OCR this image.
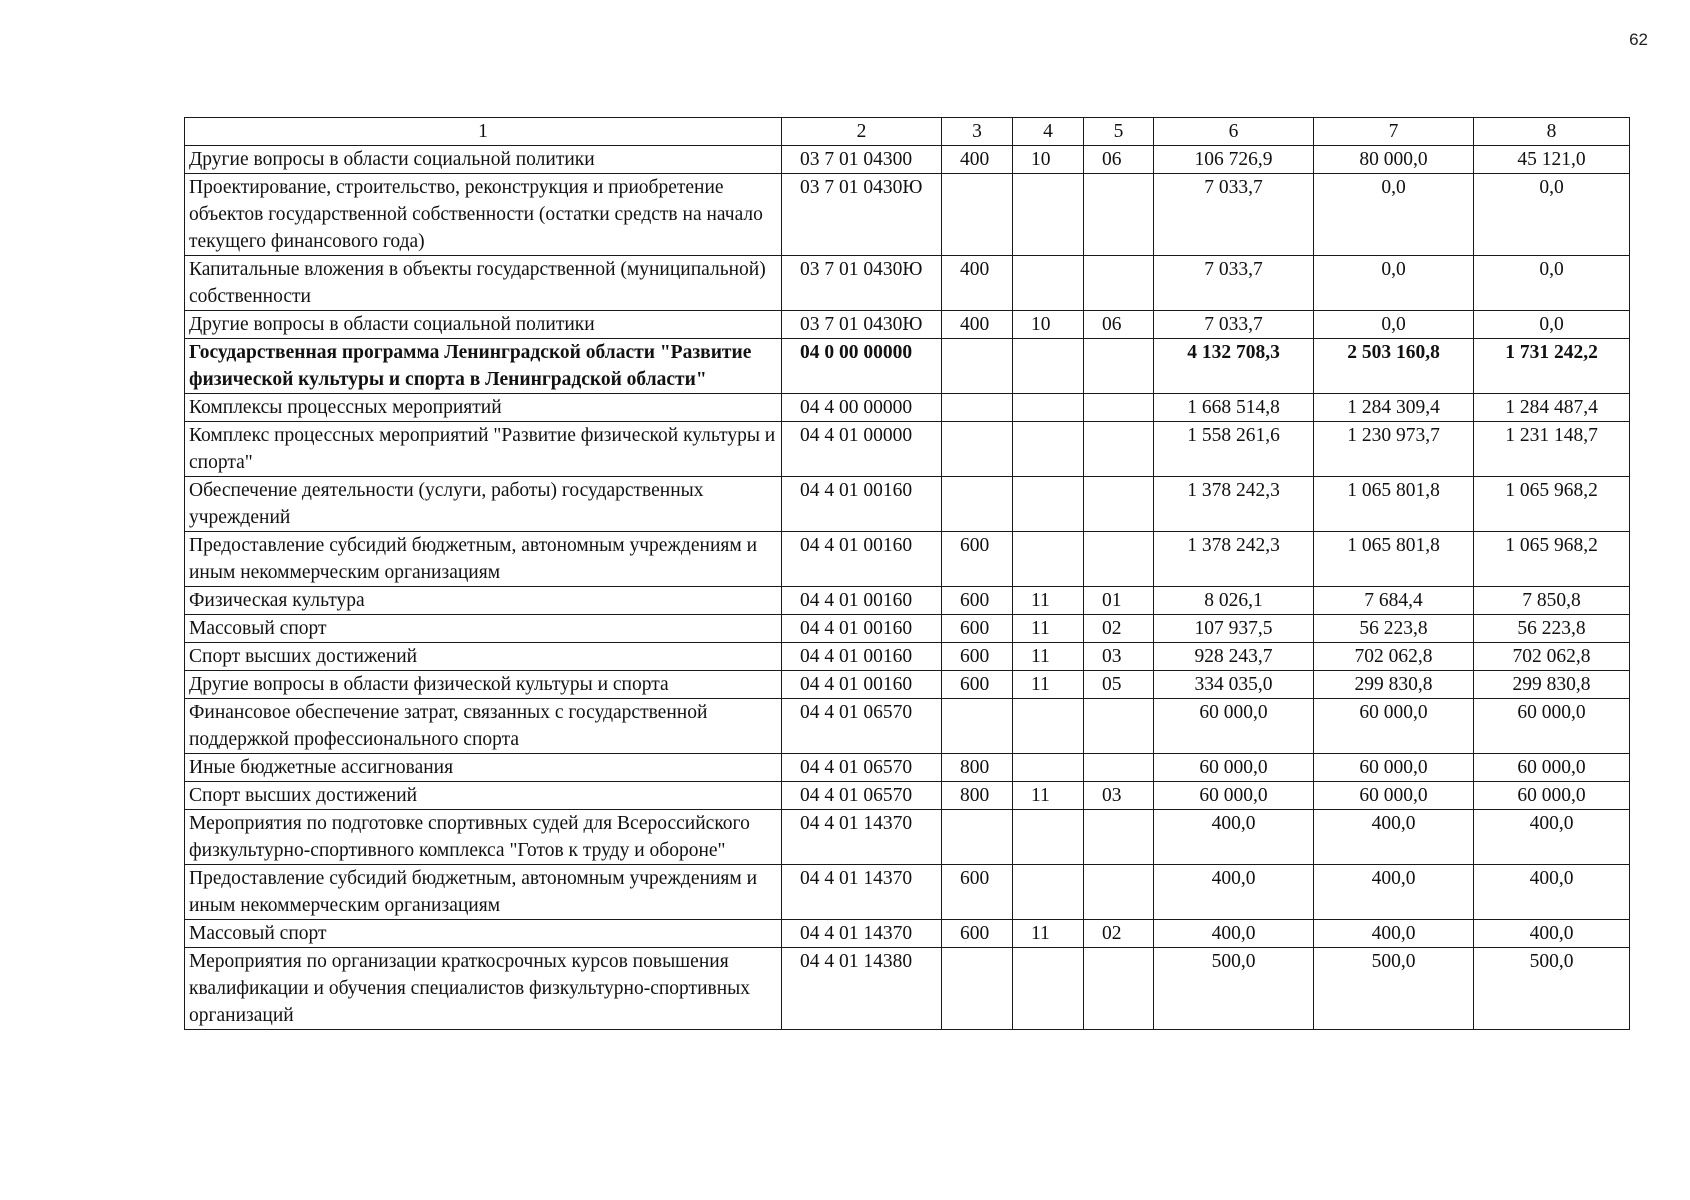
62
1	2	3	4	5	6	7	8
Другие вопросы в области социальной политики	03 7 01 04300	400	10	06	106 726,9	80 000,0	45 121,0
Проектирование, строительство, реконструкция и приобретение объектов государственной собственности (остатки средств на начало текущего финансового года)	03 7 01 0430Ю				7 033,7	0,0	0,0
Капитальные вложения в объекты государственной (муниципальной) собственности	03 7 01 0430Ю	400			7 033,7	0,0	0,0
Другие вопросы в области социальной политики	03 7 01 0430Ю	400	10	06	7 033,7	0,0	0,0
Государственная программа Ленинградской области "Развитие физической культуры и спорта в Ленинградской области"	04 0 00 00000				4 132 708,3	2 503 160,8	1 731 242,2
Комплексы процессных мероприятий	04 4 00 00000				1 668 514,8	1 284 309,4	1 284 487,4
Комплекс процессных мероприятий "Развитие физической культуры и спорта"	04 4 01 00000				1 558 261,6	1 230 973,7	1 231 148,7
Обеспечение деятельности (услуги, работы) государственных учреждений	04 4 01 00160				1 378 242,3	1 065 801,8	1 065 968,2
Предоставление субсидий бюджетным, автономным учреждениям и иным некоммерческим организациям	04 4 01 00160	600			1 378 242,3	1 065 801,8	1 065 968,2
Физическая культура	04 4 01 00160	600	11	01	8 026,1	7 684,4	7 850,8
Массовый спорт	04 4 01 00160	600	11	02	107 937,5	56 223,8	56 223,8
Спорт высших достижений	04 4 01 00160	600	11	03	928 243,7	702 062,8	702 062,8
Другие вопросы в области физической культуры и спорта	04 4 01 00160	600	11	05	334 035,0	299 830,8	299 830,8
Финансовое обеспечение затрат, связанных с государственной поддержкой профессионального спорта	04 4 01 06570				60 000,0	60 000,0	60 000,0
Иные бюджетные ассигнования	04 4 01 06570	800			60 000,0	60 000,0	60 000,0
Спорт высших достижений	04 4 01 06570	800	11	03	60 000,0	60 000,0	60 000,0
Мероприятия по подготовке спортивных судей для Всероссийского физкультурно-спортивного комплекса "Готов к труду и обороне"	04 4 01 14370				400,0	400,0	400,0
Предоставление субсидий бюджетным, автономным учреждениям и иным некоммерческим организациям	04 4 01 14370	600			400,0	400,0	400,0
Массовый спорт	04 4 01 14370	600	11	02	400,0	400,0	400,0
Мероприятия по организации краткосрочных курсов повышения квалификации и обучения специалистов физкультурно-спортивных организаций	04 4 01 14380				500,0	500,0	500,0
